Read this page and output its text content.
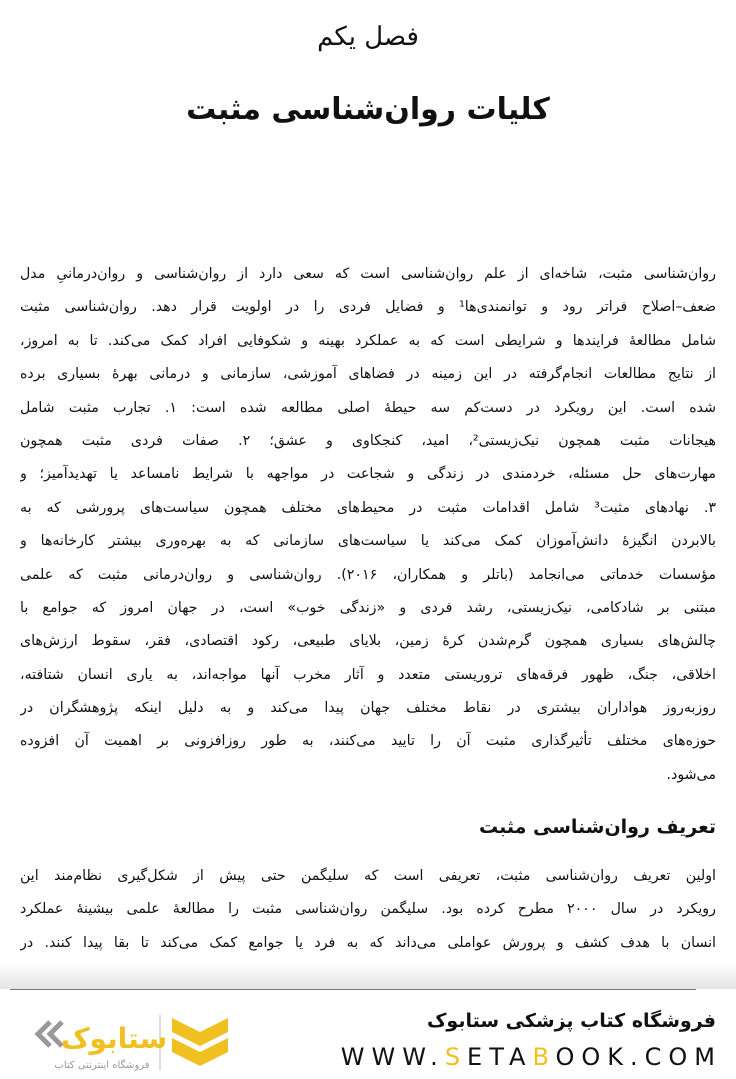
فصل یکم
کلیات روان‌شناسی مثبت
روان‌شناسی مثبت، شاخه‌ای از علم روان‌شناسی است که سعی دارد از روان‌شناسی و روان‌درمانیِ مدل
ضعف–اصلاح فراتر رود و توانمندی‌ها¹ و فضایل فردی را در اولویت قرار دهد. روان‌شناسی مثبت
شامل مطالعهٔ فرایندها و شرایطی است که به عملکرد بهینه و شکوفایی افراد کمک می‌کند. تا به امروز،
از نتایج مطالعات انجام‌گرفته در این زمینه در فضاهای آموزشی، سازمانی و درمانی بهرهٔ بسیاری برده
شده است. این رویکرد در دست‌کم سه حیطهٔ اصلی مطالعه شده است: ۱. تجارب مثبت شامل
هیجانات مثبت همچون نیک‌زیستی²، امید، کنجکاوی و عشق؛ ۲. صفات فردی مثبت همچون
مهارت‌های حل مسئله، خردمندی در زندگی و شجاعت در مواجهه با شرایط نامساعد یا تهدیدآمیز؛ و
۳. نهادهای مثبت³ شامل اقدامات مثبت در محیط‌های مختلف همچون سیاست‌های پرورشی که به
بالابردن انگیزهٔ دانش‌آموزان کمک می‌کند یا سیاست‌های سازمانی که به بهره‌وری بیشتر کارخانه‌ها و
مؤسسات خدماتی می‌انجامد (باتلر و همکاران، ۲۰۱۶). روان‌شناسی و روان‌درمانی مثبت که علمی
مبتنی بر شادکامی، نیک‌زیستی، رشد فردی و «زندگی خوب» است، در جهان امروز که جوامع با
چالش‌های بسیاری همچون گرم‌شدن کرهٔ زمین، بلایای طبیعی، رکود اقتصادی، فقر، سقوط ارزش‌های
اخلاقی، جنگ، ظهور فرقه‌های تروریستی متعدد و آثار مخرب آنها مواجه‌اند، به یاری انسان شتافته،
روزبه‌روز هواداران بیشتری در نقاط مختلف جهان پیدا می‌کند و به دلیل اینکه پژوهشگران در
حوزه‌های مختلف تأثیرگذاری مثبت آن را تایید می‌کنند، به طور روزافزونی بر اهمیت آن افزوده
می‌شود.
تعریف روان‌شناسی مثبت
اولین تعریف روان‌شناسی مثبت، تعریفی است که سلیگمن حتی پیش از شکل‌گیری نظام‌مند این
رویکرد در سال ۲۰۰۰ مطرح کرده بود. سلیگمن روان‌شناسی مثبت را مطالعهٔ علمی بیشینهٔ عملکرد
انسان با هدف کشف و پرورش عواملی می‌داند که به فرد یا جوامع کمک می‌کند تا بقا پیدا کنند. در
فروشگاه کتاب پزشکی ستابوک
WWW.SETABOOK.COM
ستابوک
فروشگاه اینترنتی کتاب
